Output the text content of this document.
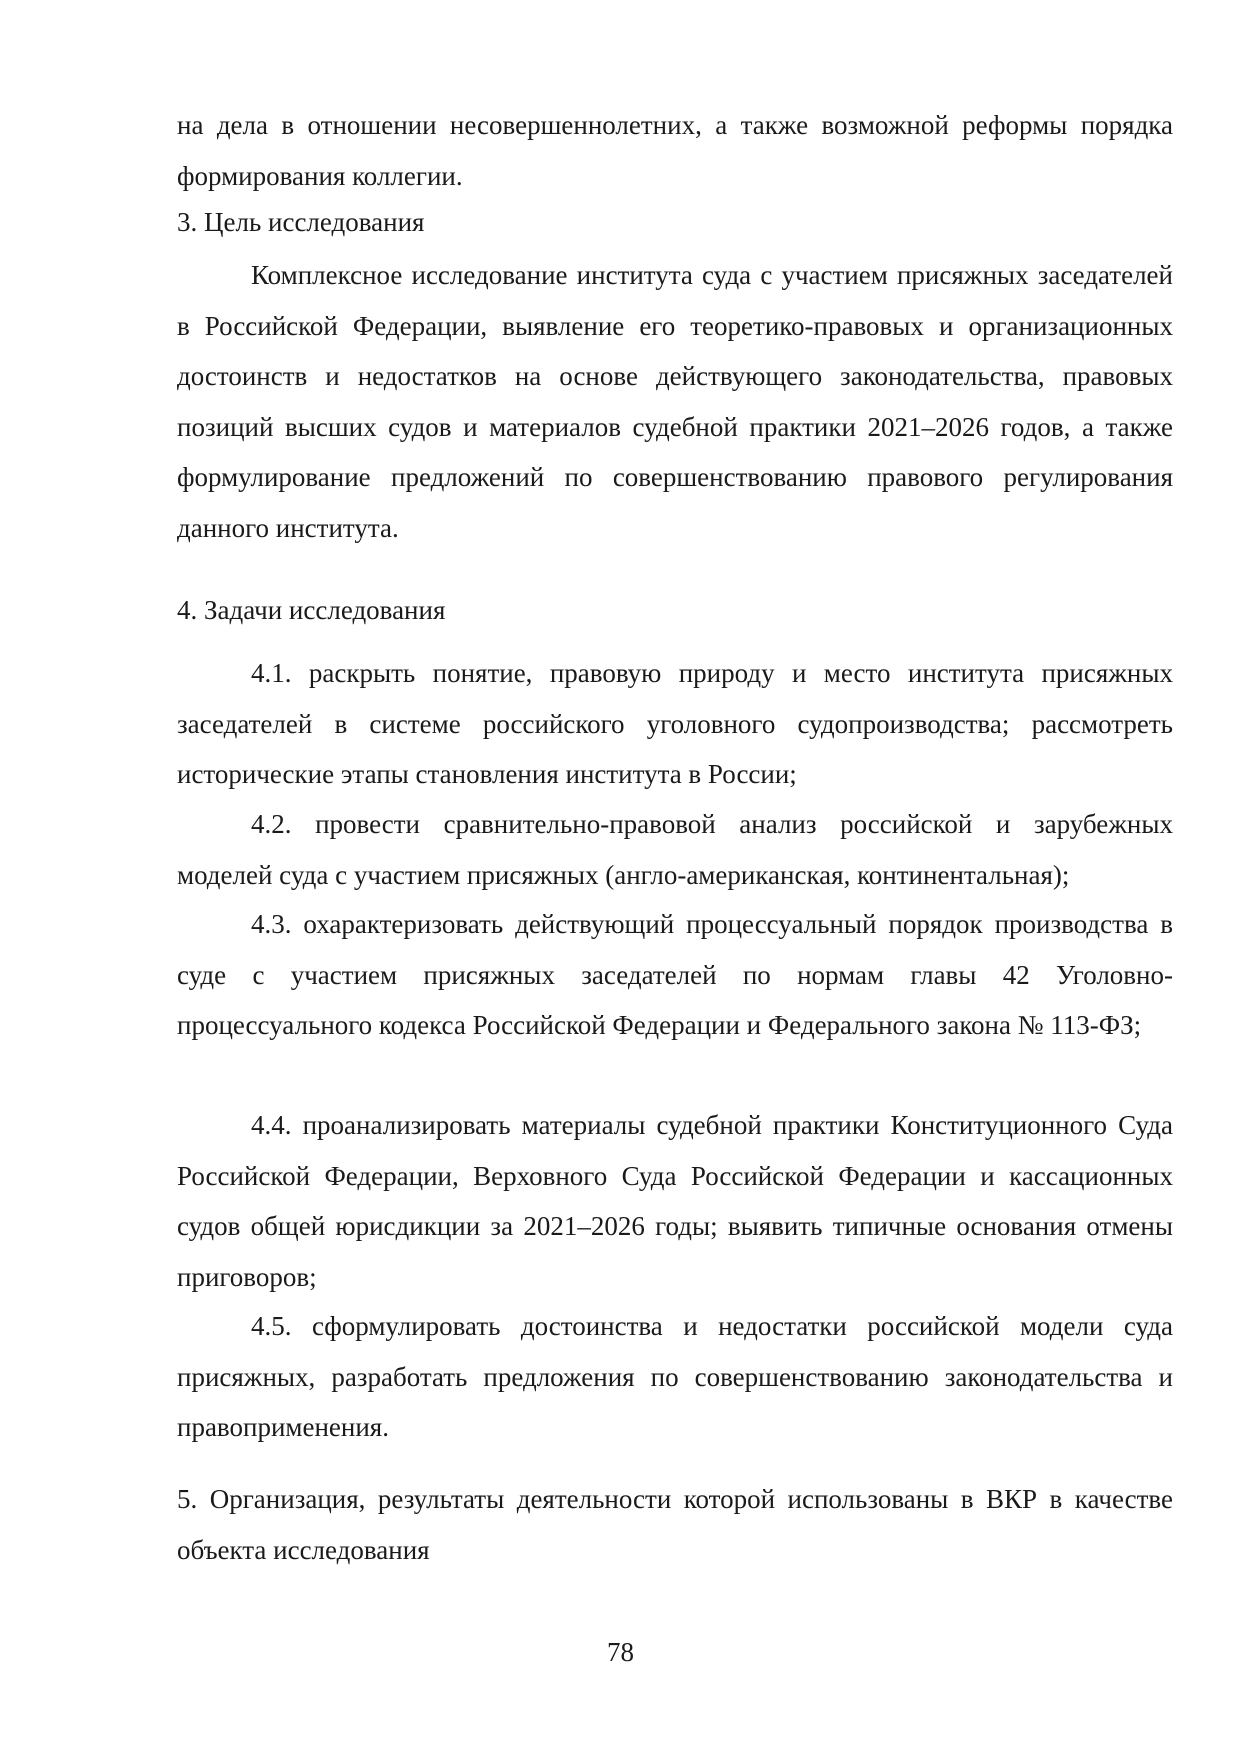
на дела в отношении несовершеннолетних, а также возможной реформы порядка формирования коллегии.

3. Цель исследования

Комплексное исследование института суда с участием присяжных заседателей в Российской Федерации, выявление его теоретико-правовых и организационных достоинств и недостатков на основе действующего законодательства, правовых позиций высших судов и материалов судебной практики 2021–2026 годов, а также формулирование предложений по совершенствованию правового регулирования данного института.

4. Задачи исследования

4.1. раскрыть понятие, правовую природу и место института присяжных заседателей в системе российского уголовного судопроизводства; рассмотреть исторические этапы становления института в России;

4.2. провести сравнительно-правовой анализ российской и зарубежных моделей суда с участием присяжных (англо-американская, континентальная);

4.3. охарактеризовать действующий процессуальный порядок производства в суде с участием присяжных заседателей по нормам главы 42 Уголовно-процессуального кодекса Российской Федерации и Федерального закона № 113-ФЗ;

4.4. проанализировать материалы судебной практики Конституционного Суда Российской Федерации, Верховного Суда Российской Федерации и кассационных судов общей юрисдикции за 2021–2026 годы; выявить типичные основания отмены приговоров;

4.5. сформулировать достоинства и недостатки российской модели суда присяжных, разработать предложения по совершенствованию законодательства и правоприменения.

5. Организация, результаты деятельности которой использованы в ВКР в качестве объекта исследования

78
